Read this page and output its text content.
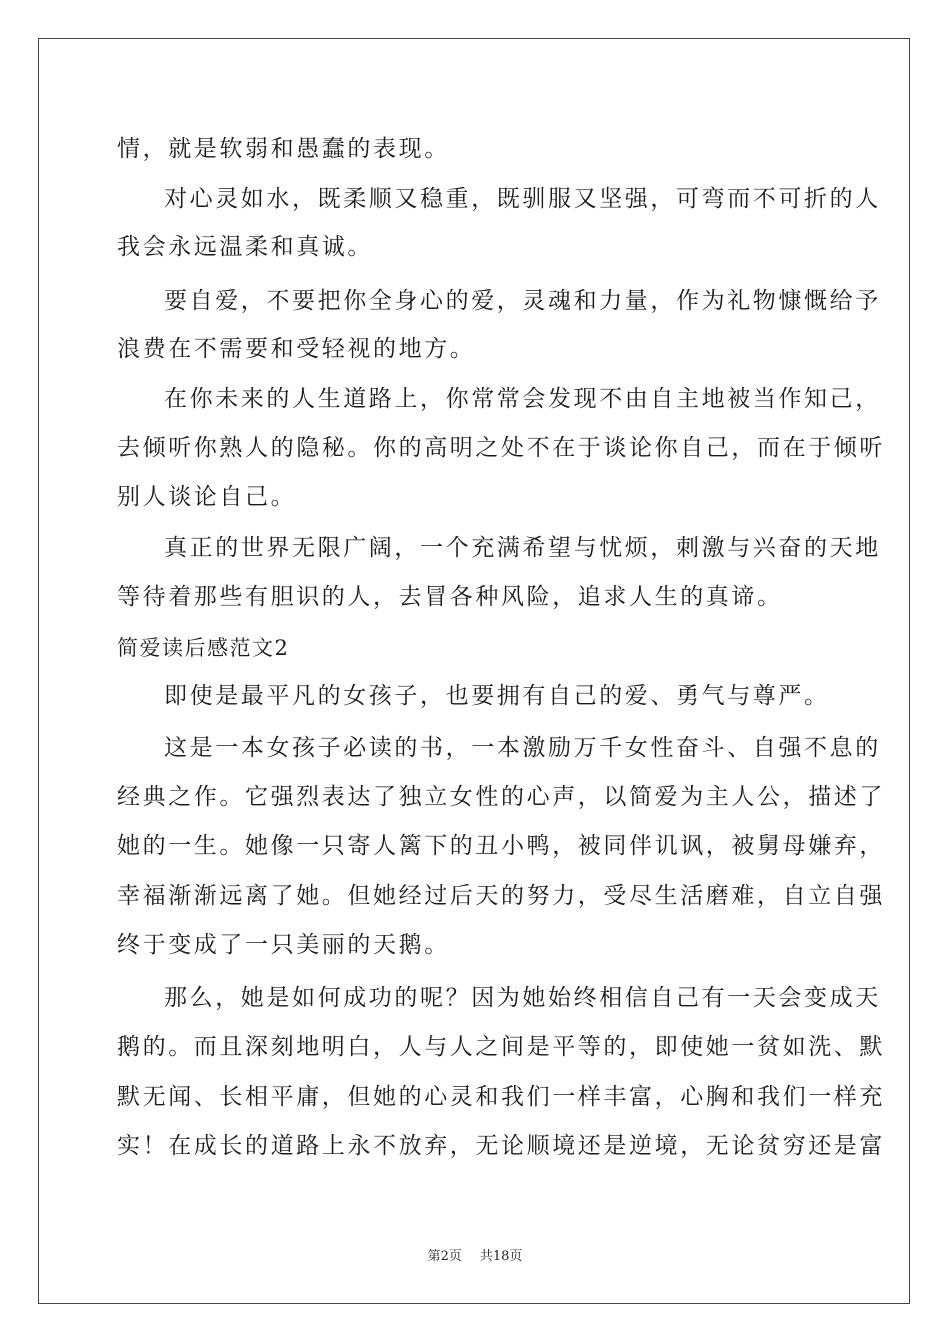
情，就是软弱和愚蠢的表现。
对心灵如水，既柔顺又稳重，既驯服又坚强，可弯而不可折的人
我会永远温柔和真诚。
要自爱，不要把你全身心的爱，灵魂和力量，作为礼物慷慨给予
浪费在不需要和受轻视的地方。
在你未来的人生道路上，你常常会发现不由自主地被当作知己，
去倾听你熟人的隐秘。你的高明之处不在于谈论你自己，而在于倾听
别人谈论自己。
真正的世界无限广阔，一个充满希望与忧烦，刺激与兴奋的天地
等待着那些有胆识的人，去冒各种风险，追求人生的真谛。
简爱读后感范文2
即使是最平凡的女孩子，也要拥有自己的爱、勇气与尊严。
这是一本女孩子必读的书，一本激励万千女性奋斗、自强不息的
经典之作。它强烈表达了独立女性的心声，以简爱为主人公，描述了
她的一生。她像一只寄人篱下的丑小鸭，被同伴讥讽，被舅母嫌弃，
幸福渐渐远离了她。但她经过后天的努力，受尽生活磨难，自立自强
终于变成了一只美丽的天鹅。
那么，她是如何成功的呢？因为她始终相信自己有一天会变成天
鹅的。而且深刻地明白，人与人之间是平等的，即使她一贫如洗、默
默无闻、长相平庸，但她的心灵和我们一样丰富，心胸和我们一样充
实！在成长的道路上永不放弃，无论顺境还是逆境，无论贫穷还是富
第2页 共18页
